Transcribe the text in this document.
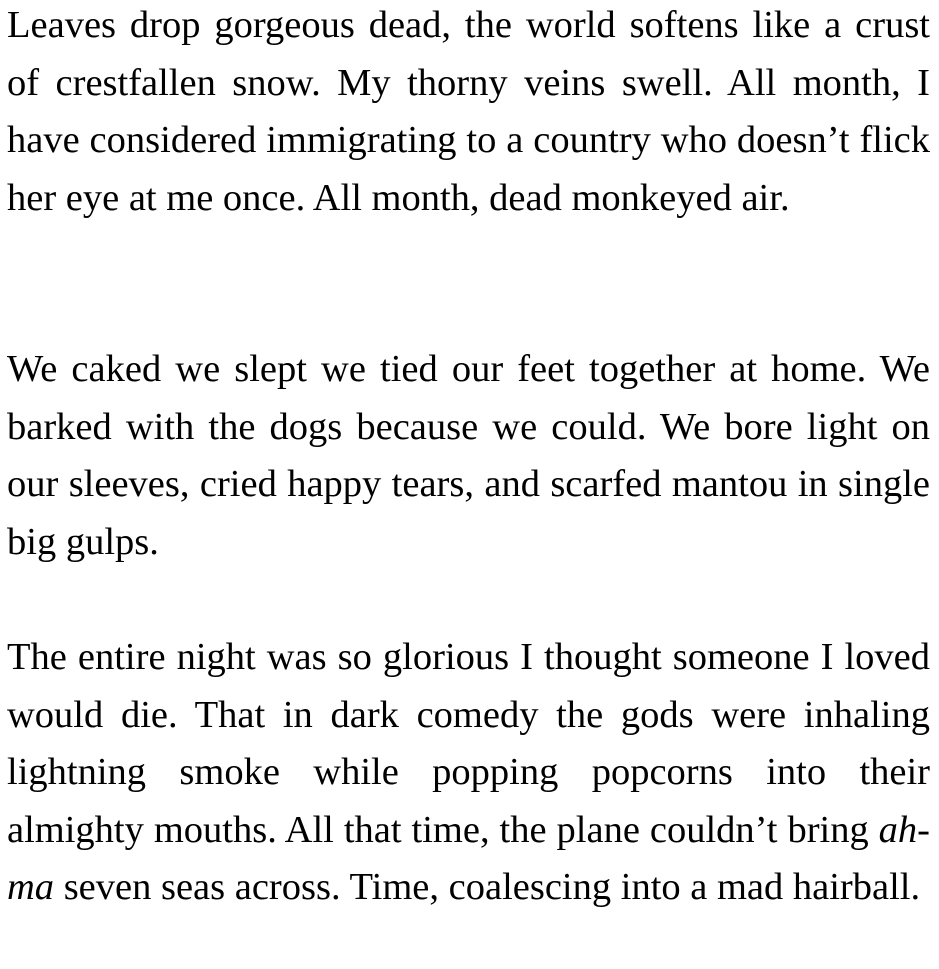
Leaves drop gorgeous dead, the world softens like a crust of crestfallen snow. My thorny veins swell. All month, I have considered immigrating to a country who doesn’t flick her eye at me once. All month, dead monkeyed air.

We caked we slept we tied our feet together at home. We barked with the dogs because we could. We bore light on our sleeves, cried happy tears, and scarfed mantou in single big gulps.

The entire night was so glorious I thought someone I loved would die. That in dark comedy the gods were inhaling lightning smoke while popping popcorns into their almighty mouths. All that time, the plane couldn’t bring ah-ma seven seas across. Time, coalescing into a mad hairball.
